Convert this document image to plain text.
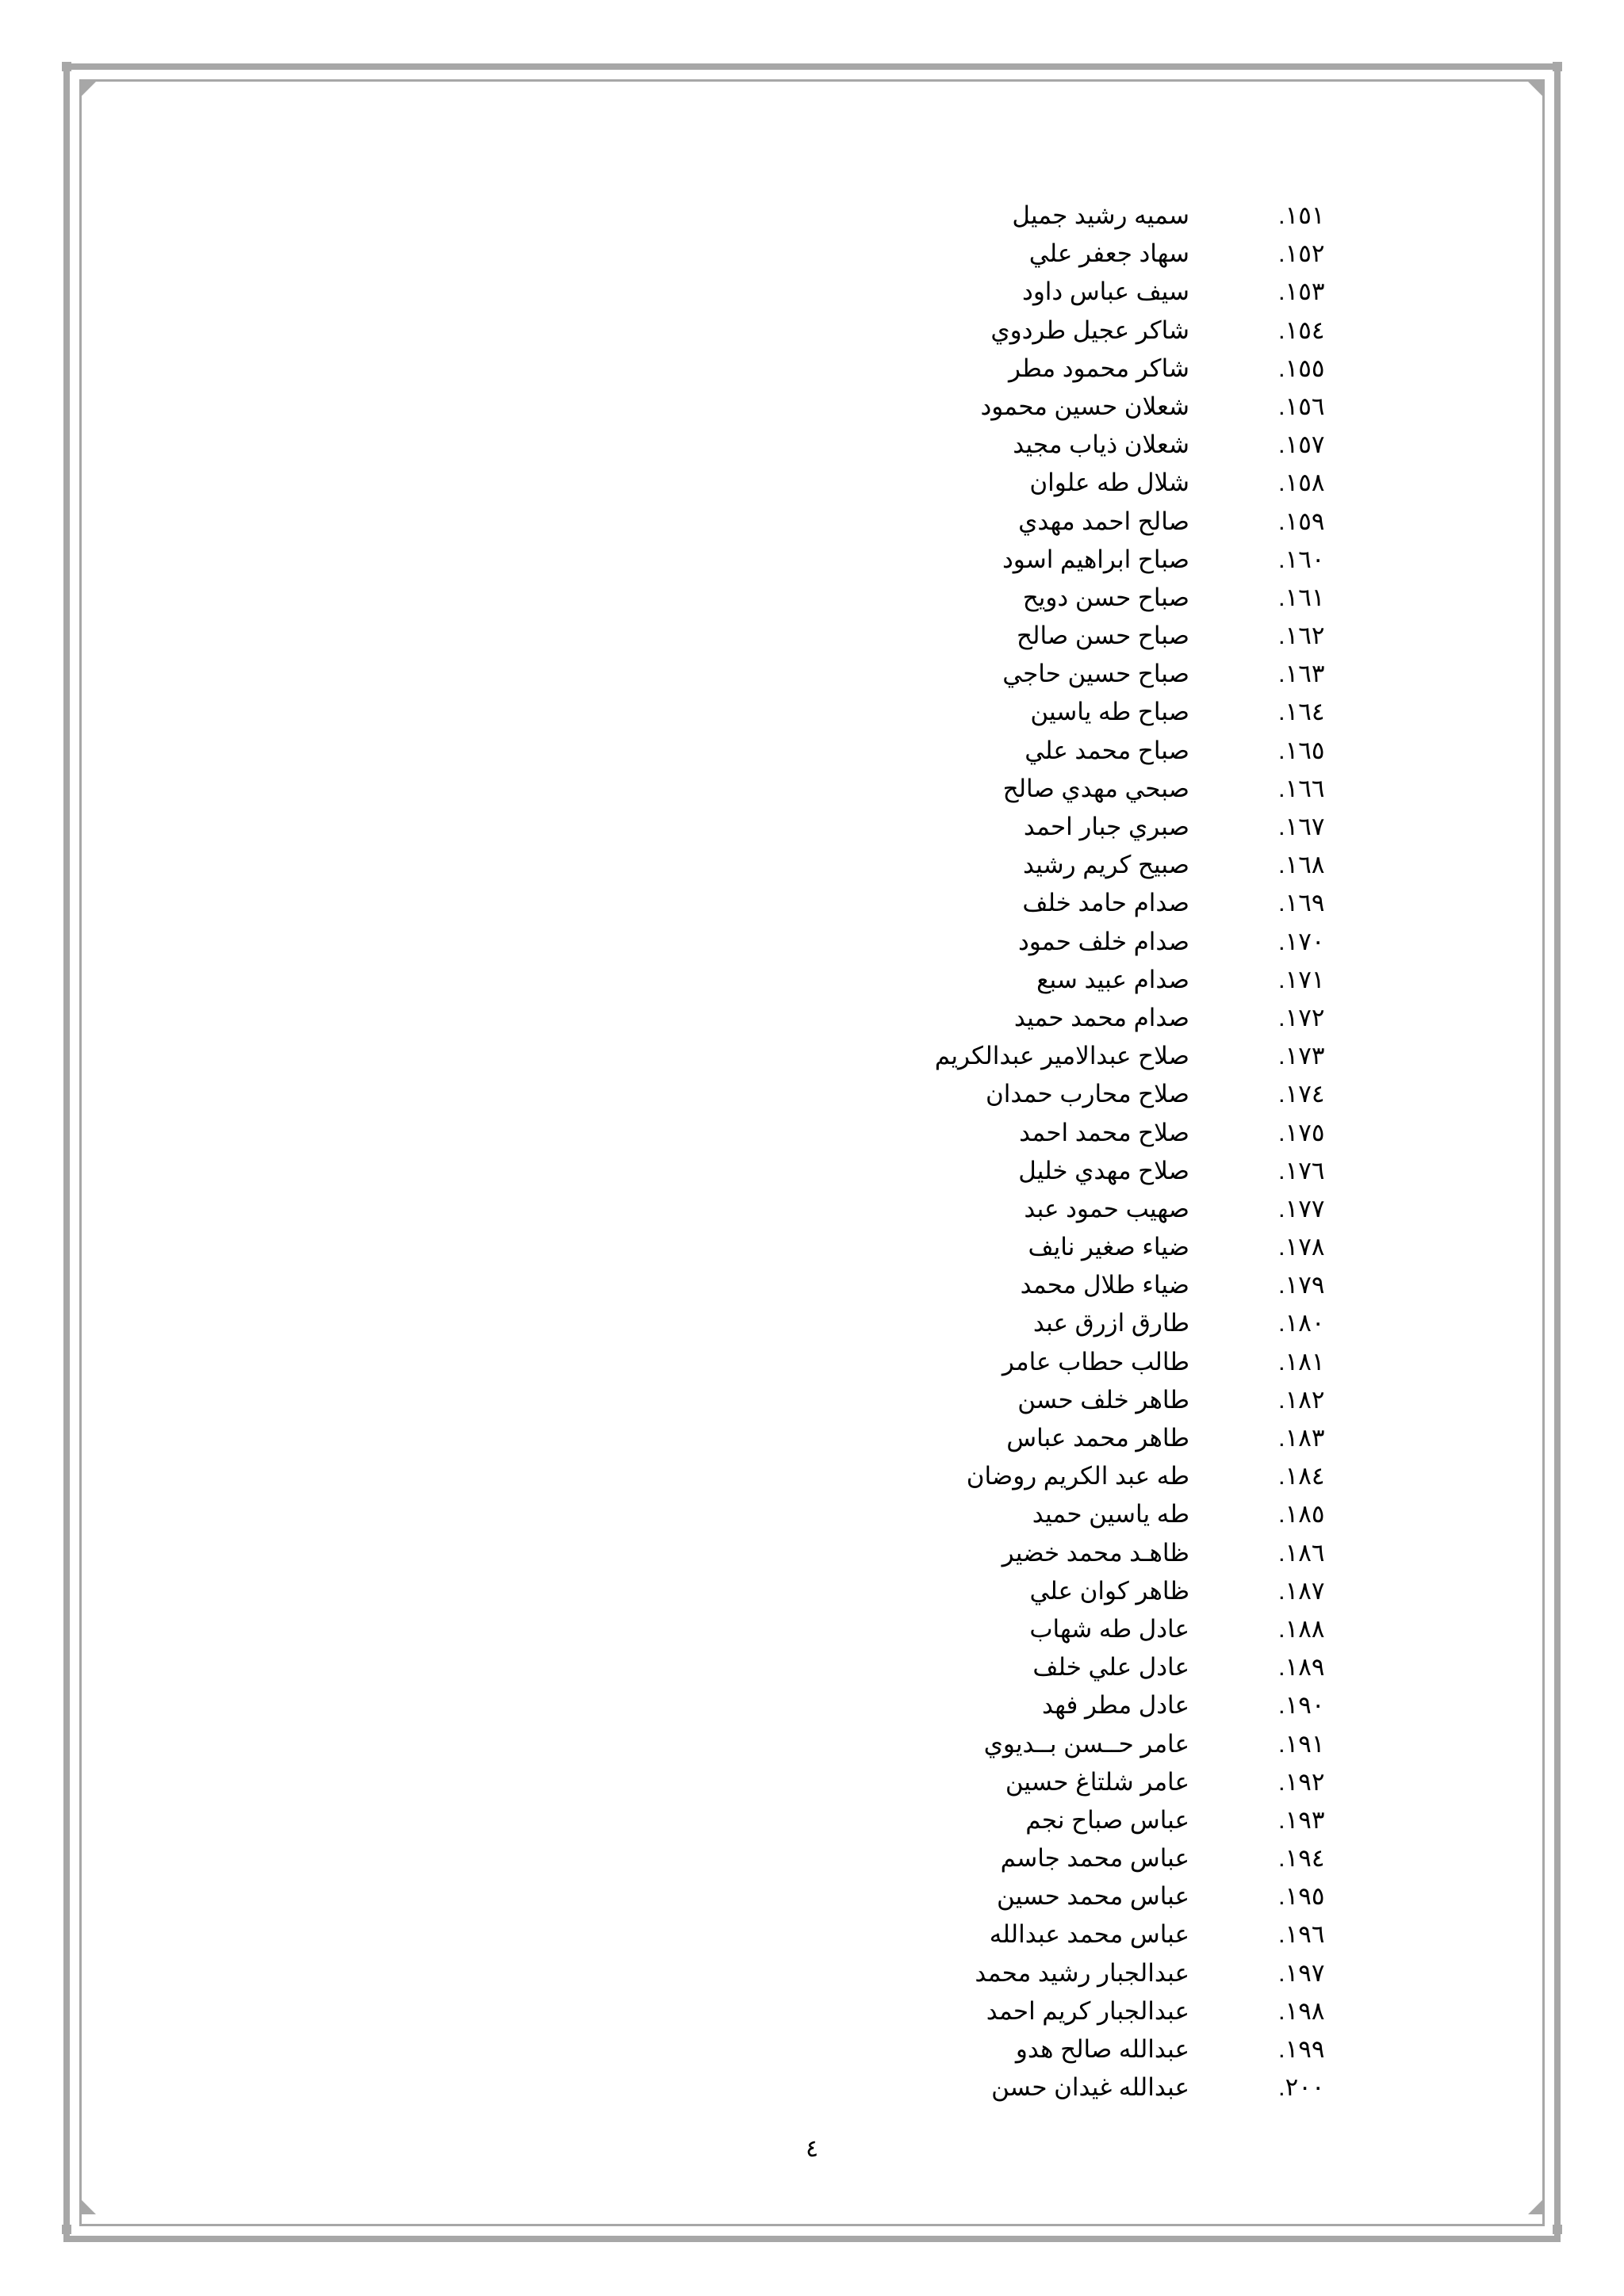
سميه رشيد جميل	.١٥١
سهاد جعفر علي	.١٥٢
سيف عباس داود	.١٥٣
شاكر عجيل طردوي	.١٥٤
شاكر محمود مطر	.١٥٥
شعلان حسين محمود	.١٥٦
شعلان ذياب مجيد	.١٥٧
شلال طه علوان	.١٥٨
صالح احمد مهدي	.١٥٩
صباح ابراهيم اسود	.١٦٠
صباح حسن دويح	.١٦١
صباح حسن صالح	.١٦٢
صباح حسين حاجي	.١٦٣
صباح طه ياسين	.١٦٤
صباح محمد علي	.١٦٥
صبحي مهدي صالح	.١٦٦
صبري جبار احمد	.١٦٧
صبيح كريم رشيد	.١٦٨
صدام حامد خلف	.١٦٩
صدام خلف حمود	.١٧٠
صدام عبيد سبع	.١٧١
صدام محمد حميد	.١٧٢
صلاح عبدالامير عبدالكريم	.١٧٣
صلاح محارب حمدان	.١٧٤
صلاح محمد احمد	.١٧٥
صلاح مهدي خليل	.١٧٦
صهيب حمود عبد	.١٧٧
ضياء صغير نايف	.١٧٨
ضياء طلال محمد	.١٧٩
طارق ازرق عبد	.١٨٠
طالب حطاب عامر	.١٨١
طاهر خلف حسن	.١٨٢
طاهر محمد عباس	.١٨٣
طه عبد الكريم روضان	.١٨٤
طه ياسين حميد	.١٨٥
ظاهـد محمد خضير	.١٨٦
ظاهر كوان علي	.١٨٧
عادل طه شهاب	.١٨٨
عادل علي خلف	.١٨٩
عادل مطر فهد	.١٩٠
عامر حــسن بــديوي	.١٩١
عامر شلتاغ حسين	.١٩٢
عباس صباح نجم	.١٩٣
عباس محمد جاسم	.١٩٤
عباس محمد حسين	.١٩٥
عباس محمد عبدالله	.١٩٦
عبدالجبار رشيد محمد	.١٩٧
عبدالجبار كريم احمد	.١٩٨
عبدالله صالح هدو	.١٩٩
عبدالله غيدان حسن	.٢٠٠
٤
